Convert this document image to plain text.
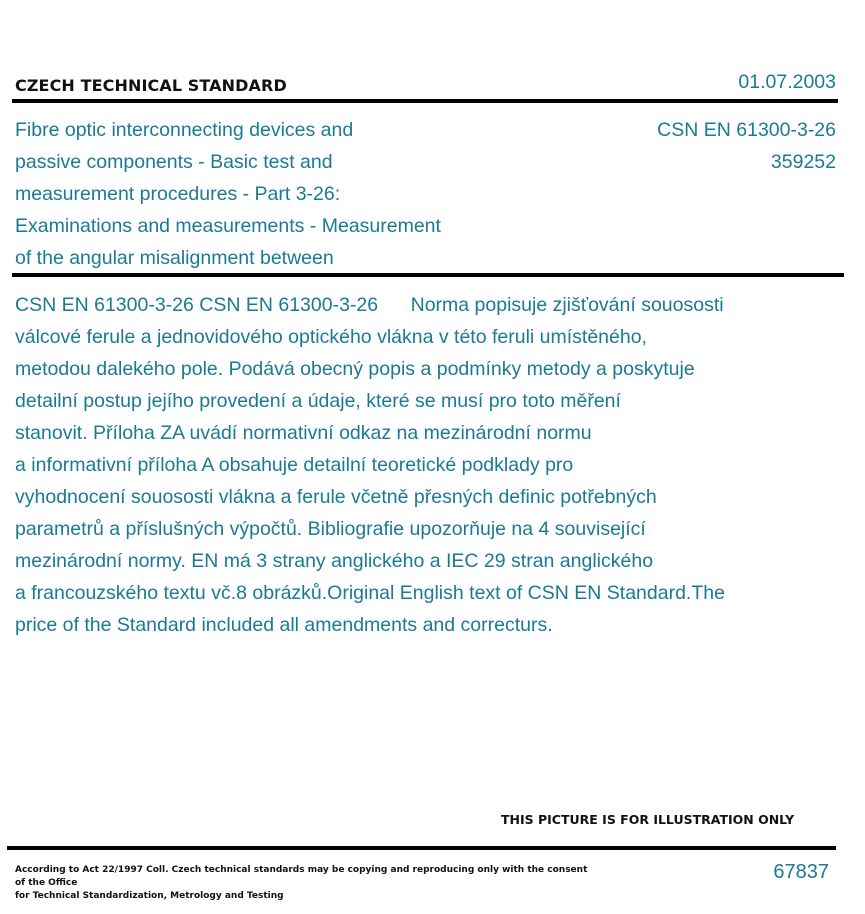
CZECH TECHNICAL STANDARD	01.07.2003
Fibre optic interconnecting devices and
passive components - Basic test and
measurement procedures - Part 3-26:
Examinations and measurements - Measurement
of the angular misalignment between
CSN EN 61300-3-26
359252
CSN EN 61300-3-26 CSN EN 61300-3-26      Norma popisuje zjišťování souososti
válcové ferule a jednovidového optického vlákna v této feruli umístěného,
metodou dalekého pole. Podává obecný popis a podmínky metody a poskytuje
detailní postup jejího provedení a údaje, které se musí pro toto měření
stanovit. Příloha ZA uvádí normativní odkaz na mezinárodní normu
a informativní příloha A obsahuje detailní teoretické podklady pro
vyhodnocení souososti vlákna a ferule včetně přesných definic potřebných
parametrů a příslušných výpočtů. Bibliografie upozorňuje na 4 související
mezinárodní normy. EN má 3 strany anglického a IEC 29 stran anglického
a francouzského textu vč.8 obrázků.Original English text of CSN EN Standard.The
price of the Standard included all amendments and correcturs.
THIS PICTURE IS FOR ILLUSTRATION ONLY
According to Act 22/1997 Coll. Czech technical standards may be copying and reproducing only with the consent of the Office
for Technical Standardization, Metrology and Testing
67837
